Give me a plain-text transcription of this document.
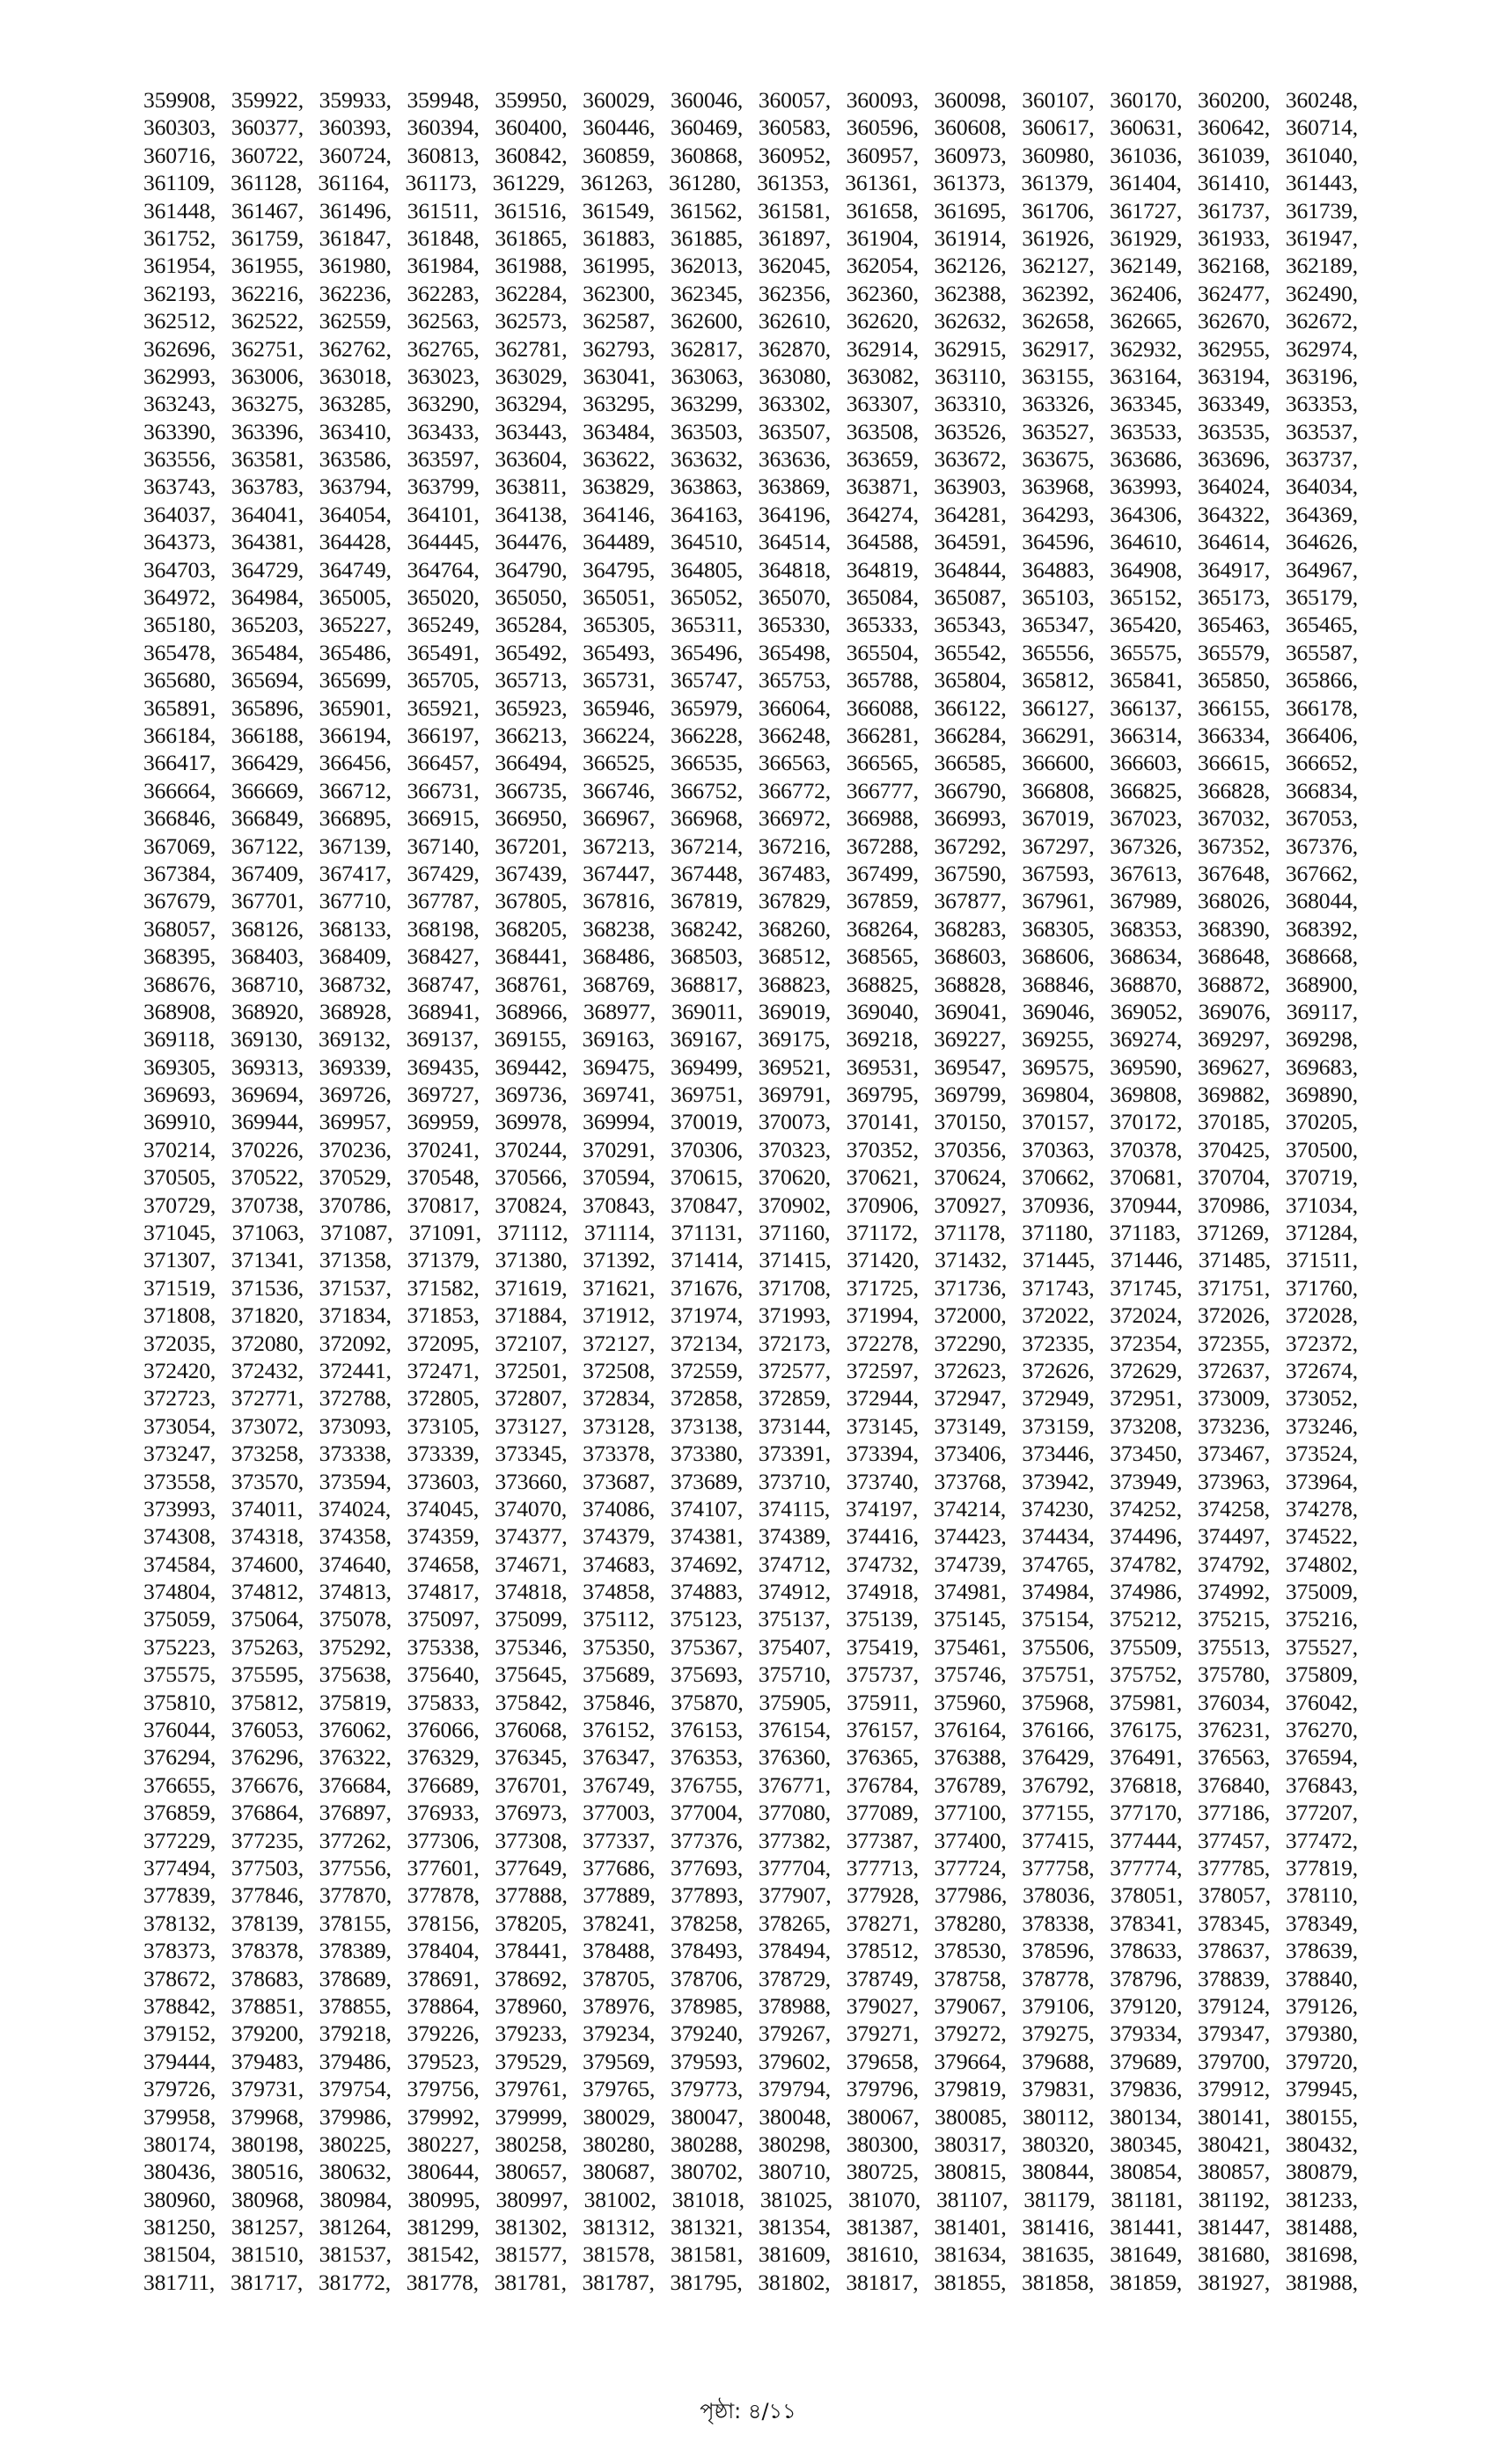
359908, 359922, 359933, 359948, 359950, 360029, 360046, 360057, 360093, 360098, 360107, 360170, 360200, 360248,
360303, 360377, 360393, 360394, 360400, 360446, 360469, 360583, 360596, 360608, 360617, 360631, 360642, 360714,
360716, 360722, 360724, 360813, 360842, 360859, 360868, 360952, 360957, 360973, 360980, 361036, 361039, 361040,
361109, 361128, 361164, 361173, 361229, 361263, 361280, 361353, 361361, 361373, 361379, 361404, 361410, 361443,
361448, 361467, 361496, 361511, 361516, 361549, 361562, 361581, 361658, 361695, 361706, 361727, 361737, 361739,
361752, 361759, 361847, 361848, 361865, 361883, 361885, 361897, 361904, 361914, 361926, 361929, 361933, 361947,
361954, 361955, 361980, 361984, 361988, 361995, 362013, 362045, 362054, 362126, 362127, 362149, 362168, 362189,
362193, 362216, 362236, 362283, 362284, 362300, 362345, 362356, 362360, 362388, 362392, 362406, 362477, 362490,
362512, 362522, 362559, 362563, 362573, 362587, 362600, 362610, 362620, 362632, 362658, 362665, 362670, 362672,
362696, 362751, 362762, 362765, 362781, 362793, 362817, 362870, 362914, 362915, 362917, 362932, 362955, 362974,
362993, 363006, 363018, 363023, 363029, 363041, 363063, 363080, 363082, 363110, 363155, 363164, 363194, 363196,
363243, 363275, 363285, 363290, 363294, 363295, 363299, 363302, 363307, 363310, 363326, 363345, 363349, 363353,
363390, 363396, 363410, 363433, 363443, 363484, 363503, 363507, 363508, 363526, 363527, 363533, 363535, 363537,
363556, 363581, 363586, 363597, 363604, 363622, 363632, 363636, 363659, 363672, 363675, 363686, 363696, 363737,
363743, 363783, 363794, 363799, 363811, 363829, 363863, 363869, 363871, 363903, 363968, 363993, 364024, 364034,
364037, 364041, 364054, 364101, 364138, 364146, 364163, 364196, 364274, 364281, 364293, 364306, 364322, 364369,
364373, 364381, 364428, 364445, 364476, 364489, 364510, 364514, 364588, 364591, 364596, 364610, 364614, 364626,
364703, 364729, 364749, 364764, 364790, 364795, 364805, 364818, 364819, 364844, 364883, 364908, 364917, 364967,
364972, 364984, 365005, 365020, 365050, 365051, 365052, 365070, 365084, 365087, 365103, 365152, 365173, 365179,
365180, 365203, 365227, 365249, 365284, 365305, 365311, 365330, 365333, 365343, 365347, 365420, 365463, 365465,
365478, 365484, 365486, 365491, 365492, 365493, 365496, 365498, 365504, 365542, 365556, 365575, 365579, 365587,
365680, 365694, 365699, 365705, 365713, 365731, 365747, 365753, 365788, 365804, 365812, 365841, 365850, 365866,
365891, 365896, 365901, 365921, 365923, 365946, 365979, 366064, 366088, 366122, 366127, 366137, 366155, 366178,
366184, 366188, 366194, 366197, 366213, 366224, 366228, 366248, 366281, 366284, 366291, 366314, 366334, 366406,
366417, 366429, 366456, 366457, 366494, 366525, 366535, 366563, 366565, 366585, 366600, 366603, 366615, 366652,
366664, 366669, 366712, 366731, 366735, 366746, 366752, 366772, 366777, 366790, 366808, 366825, 366828, 366834,
366846, 366849, 366895, 366915, 366950, 366967, 366968, 366972, 366988, 366993, 367019, 367023, 367032, 367053,
367069, 367122, 367139, 367140, 367201, 367213, 367214, 367216, 367288, 367292, 367297, 367326, 367352, 367376,
367384, 367409, 367417, 367429, 367439, 367447, 367448, 367483, 367499, 367590, 367593, 367613, 367648, 367662,
367679, 367701, 367710, 367787, 367805, 367816, 367819, 367829, 367859, 367877, 367961, 367989, 368026, 368044,
368057, 368126, 368133, 368198, 368205, 368238, 368242, 368260, 368264, 368283, 368305, 368353, 368390, 368392,
368395, 368403, 368409, 368427, 368441, 368486, 368503, 368512, 368565, 368603, 368606, 368634, 368648, 368668,
368676, 368710, 368732, 368747, 368761, 368769, 368817, 368823, 368825, 368828, 368846, 368870, 368872, 368900,
368908, 368920, 368928, 368941, 368966, 368977, 369011, 369019, 369040, 369041, 369046, 369052, 369076, 369117,
369118, 369130, 369132, 369137, 369155, 369163, 369167, 369175, 369218, 369227, 369255, 369274, 369297, 369298,
369305, 369313, 369339, 369435, 369442, 369475, 369499, 369521, 369531, 369547, 369575, 369590, 369627, 369683,
369693, 369694, 369726, 369727, 369736, 369741, 369751, 369791, 369795, 369799, 369804, 369808, 369882, 369890,
369910, 369944, 369957, 369959, 369978, 369994, 370019, 370073, 370141, 370150, 370157, 370172, 370185, 370205,
370214, 370226, 370236, 370241, 370244, 370291, 370306, 370323, 370352, 370356, 370363, 370378, 370425, 370500,
370505, 370522, 370529, 370548, 370566, 370594, 370615, 370620, 370621, 370624, 370662, 370681, 370704, 370719,
370729, 370738, 370786, 370817, 370824, 370843, 370847, 370902, 370906, 370927, 370936, 370944, 370986, 371034,
371045, 371063, 371087, 371091, 371112, 371114, 371131, 371160, 371172, 371178, 371180, 371183, 371269, 371284,
371307, 371341, 371358, 371379, 371380, 371392, 371414, 371415, 371420, 371432, 371445, 371446, 371485, 371511,
371519, 371536, 371537, 371582, 371619, 371621, 371676, 371708, 371725, 371736, 371743, 371745, 371751, 371760,
371808, 371820, 371834, 371853, 371884, 371912, 371974, 371993, 371994, 372000, 372022, 372024, 372026, 372028,
372035, 372080, 372092, 372095, 372107, 372127, 372134, 372173, 372278, 372290, 372335, 372354, 372355, 372372,
372420, 372432, 372441, 372471, 372501, 372508, 372559, 372577, 372597, 372623, 372626, 372629, 372637, 372674,
372723, 372771, 372788, 372805, 372807, 372834, 372858, 372859, 372944, 372947, 372949, 372951, 373009, 373052,
373054, 373072, 373093, 373105, 373127, 373128, 373138, 373144, 373145, 373149, 373159, 373208, 373236, 373246,
373247, 373258, 373338, 373339, 373345, 373378, 373380, 373391, 373394, 373406, 373446, 373450, 373467, 373524,
373558, 373570, 373594, 373603, 373660, 373687, 373689, 373710, 373740, 373768, 373942, 373949, 373963, 373964,
373993, 374011, 374024, 374045, 374070, 374086, 374107, 374115, 374197, 374214, 374230, 374252, 374258, 374278,
374308, 374318, 374358, 374359, 374377, 374379, 374381, 374389, 374416, 374423, 374434, 374496, 374497, 374522,
374584, 374600, 374640, 374658, 374671, 374683, 374692, 374712, 374732, 374739, 374765, 374782, 374792, 374802,
374804, 374812, 374813, 374817, 374818, 374858, 374883, 374912, 374918, 374981, 374984, 374986, 374992, 375009,
375059, 375064, 375078, 375097, 375099, 375112, 375123, 375137, 375139, 375145, 375154, 375212, 375215, 375216,
375223, 375263, 375292, 375338, 375346, 375350, 375367, 375407, 375419, 375461, 375506, 375509, 375513, 375527,
375575, 375595, 375638, 375640, 375645, 375689, 375693, 375710, 375737, 375746, 375751, 375752, 375780, 375809,
375810, 375812, 375819, 375833, 375842, 375846, 375870, 375905, 375911, 375960, 375968, 375981, 376034, 376042,
376044, 376053, 376062, 376066, 376068, 376152, 376153, 376154, 376157, 376164, 376166, 376175, 376231, 376270,
376294, 376296, 376322, 376329, 376345, 376347, 376353, 376360, 376365, 376388, 376429, 376491, 376563, 376594,
376655, 376676, 376684, 376689, 376701, 376749, 376755, 376771, 376784, 376789, 376792, 376818, 376840, 376843,
376859, 376864, 376897, 376933, 376973, 377003, 377004, 377080, 377089, 377100, 377155, 377170, 377186, 377207,
377229, 377235, 377262, 377306, 377308, 377337, 377376, 377382, 377387, 377400, 377415, 377444, 377457, 377472,
377494, 377503, 377556, 377601, 377649, 377686, 377693, 377704, 377713, 377724, 377758, 377774, 377785, 377819,
377839, 377846, 377870, 377878, 377888, 377889, 377893, 377907, 377928, 377986, 378036, 378051, 378057, 378110,
378132, 378139, 378155, 378156, 378205, 378241, 378258, 378265, 378271, 378280, 378338, 378341, 378345, 378349,
378373, 378378, 378389, 378404, 378441, 378488, 378493, 378494, 378512, 378530, 378596, 378633, 378637, 378639,
378672, 378683, 378689, 378691, 378692, 378705, 378706, 378729, 378749, 378758, 378778, 378796, 378839, 378840,
378842, 378851, 378855, 378864, 378960, 378976, 378985, 378988, 379027, 379067, 379106, 379120, 379124, 379126,
379152, 379200, 379218, 379226, 379233, 379234, 379240, 379267, 379271, 379272, 379275, 379334, 379347, 379380,
379444, 379483, 379486, 379523, 379529, 379569, 379593, 379602, 379658, 379664, 379688, 379689, 379700, 379720,
379726, 379731, 379754, 379756, 379761, 379765, 379773, 379794, 379796, 379819, 379831, 379836, 379912, 379945,
379958, 379968, 379986, 379992, 379999, 380029, 380047, 380048, 380067, 380085, 380112, 380134, 380141, 380155,
380174, 380198, 380225, 380227, 380258, 380280, 380288, 380298, 380300, 380317, 380320, 380345, 380421, 380432,
380436, 380516, 380632, 380644, 380657, 380687, 380702, 380710, 380725, 380815, 380844, 380854, 380857, 380879,
380960, 380968, 380984, 380995, 380997, 381002, 381018, 381025, 381070, 381107, 381179, 381181, 381192, 381233,
381250, 381257, 381264, 381299, 381302, 381312, 381321, 381354, 381387, 381401, 381416, 381441, 381447, 381488,
381504, 381510, 381537, 381542, 381577, 381578, 381581, 381609, 381610, 381634, 381635, 381649, 381680, 381698,
381711, 381717, 381772, 381778, 381781, 381787, 381795, 381802, 381817, 381855, 381858, 381859, 381927, 381988,
পৃষ্ঠা: ৪/১১
